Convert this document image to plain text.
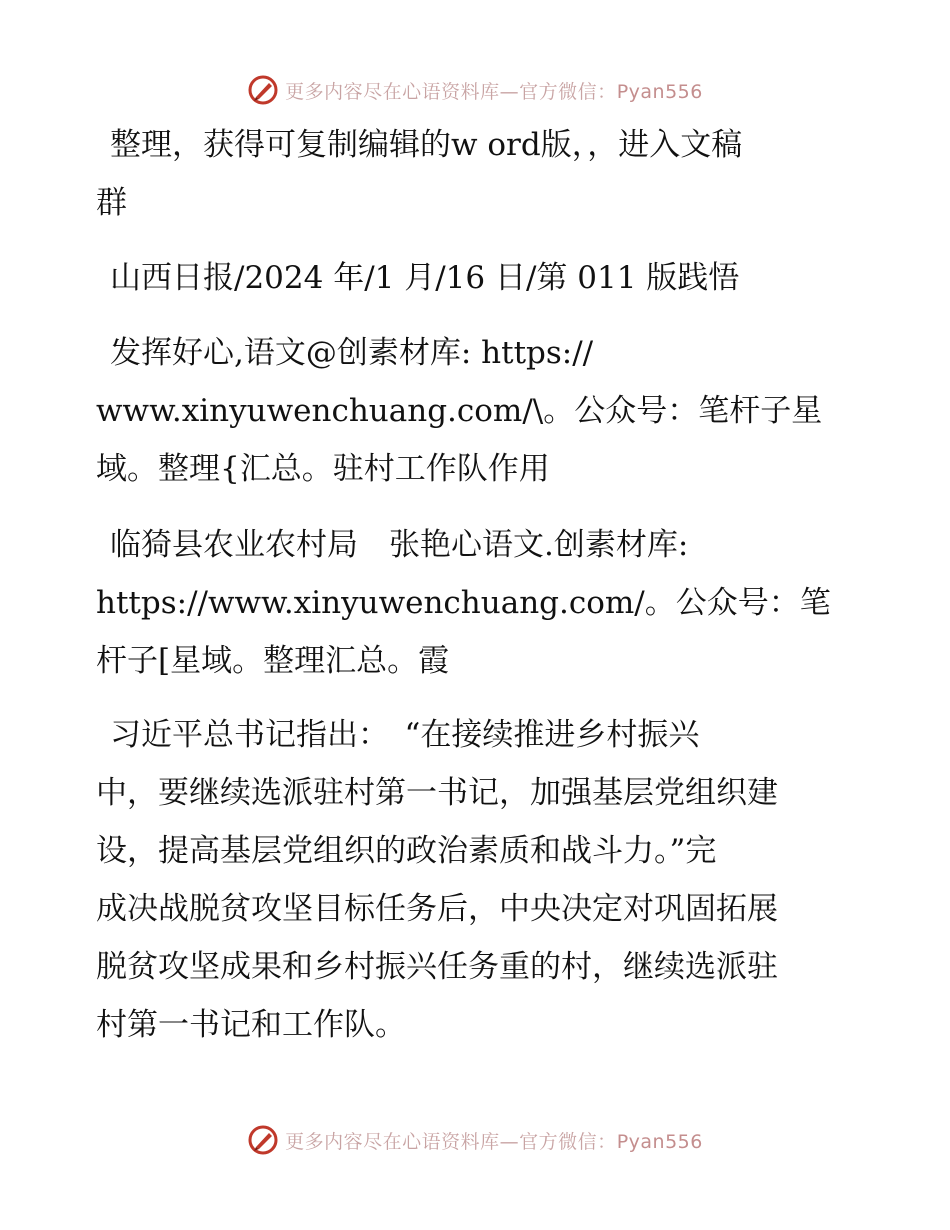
更多内容尽在心语资料库—官方微信：Pyan556
整理，获得可复制编辑的w ord版，，进入文稿
群
山西日报/2024 年/1 月/16 日/第 011 版践悟
发挥好心,语文@创素材库: https://
www.xinyuwenchuang.com/\。公众号：笔杆子星
域。整理{汇总。驻村工作队作用
临猗县农业农村局　张艳心语文.创素材库:
https://www.xinyuwenchuang.com/。公众号：笔
杆子[星域。整理汇总。霞
习近平总书记指出：　“在接续推进乡村振兴
中，要继续选派驻村第一书记，加强基层党组织建
设，提高基层党组织的政治素质和战斗力。”完
成决战脱贫攻坚目标任务后，中央决定对巩固拓展
脱贫攻坚成果和乡村振兴任务重的村，继续选派驻
村第一书记和工作队。
更多内容尽在心语资料库—官方微信：Pyan556
